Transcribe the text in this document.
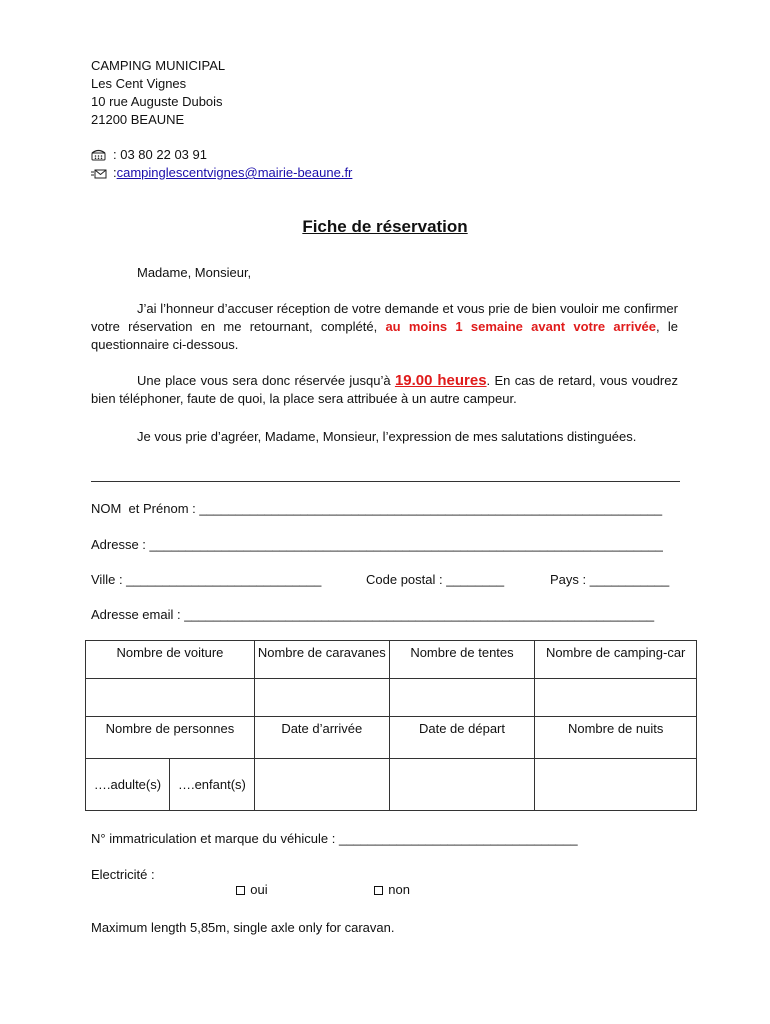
CAMPING MUNICIPAL
Les Cent Vignes
10 rue Auguste Dubois
21200 BEAUNE
: 03 80 22 03 91
: campinglescentvignes@mairie-beaune.fr
Fiche de réservation
Madame, Monsieur,
J’ai l’honneur d’accuser réception de votre demande et vous prie de bien vouloir me confirmer votre réservation en me retournant, complété, au moins 1 semaine avant votre arrivée, le questionnaire ci-dessous.
Une place vous sera donc réservée jusqu’à 19.00 heures. En cas de retard, vous voudrez bien téléphoner, faute de quoi, la place sera attribuée à un autre campeur.
Je vous prie d’agréer, Madame, Monsieur, l’expression de mes salutations distinguées.
NOM  et Prénom : ________________________________________________________________
Adresse : _______________________________________________________________________
Ville : ___________________________	Code postal : ________	Pays : ___________
Adresse email : _________________________________________________________________
Nombre de voiture		Nombre de caravanes	Nombre de tentes	Nombre de camping-car

Nombre de personnes		Date d’arrivée	Date de départ	Nombre de nuits
….adulte(s)	….enfant(s)			
N° immatriculation et marque du véhicule : _________________________________
Electricité :

oui	non

Maximum length 5,85m, single axle only for caravan.
